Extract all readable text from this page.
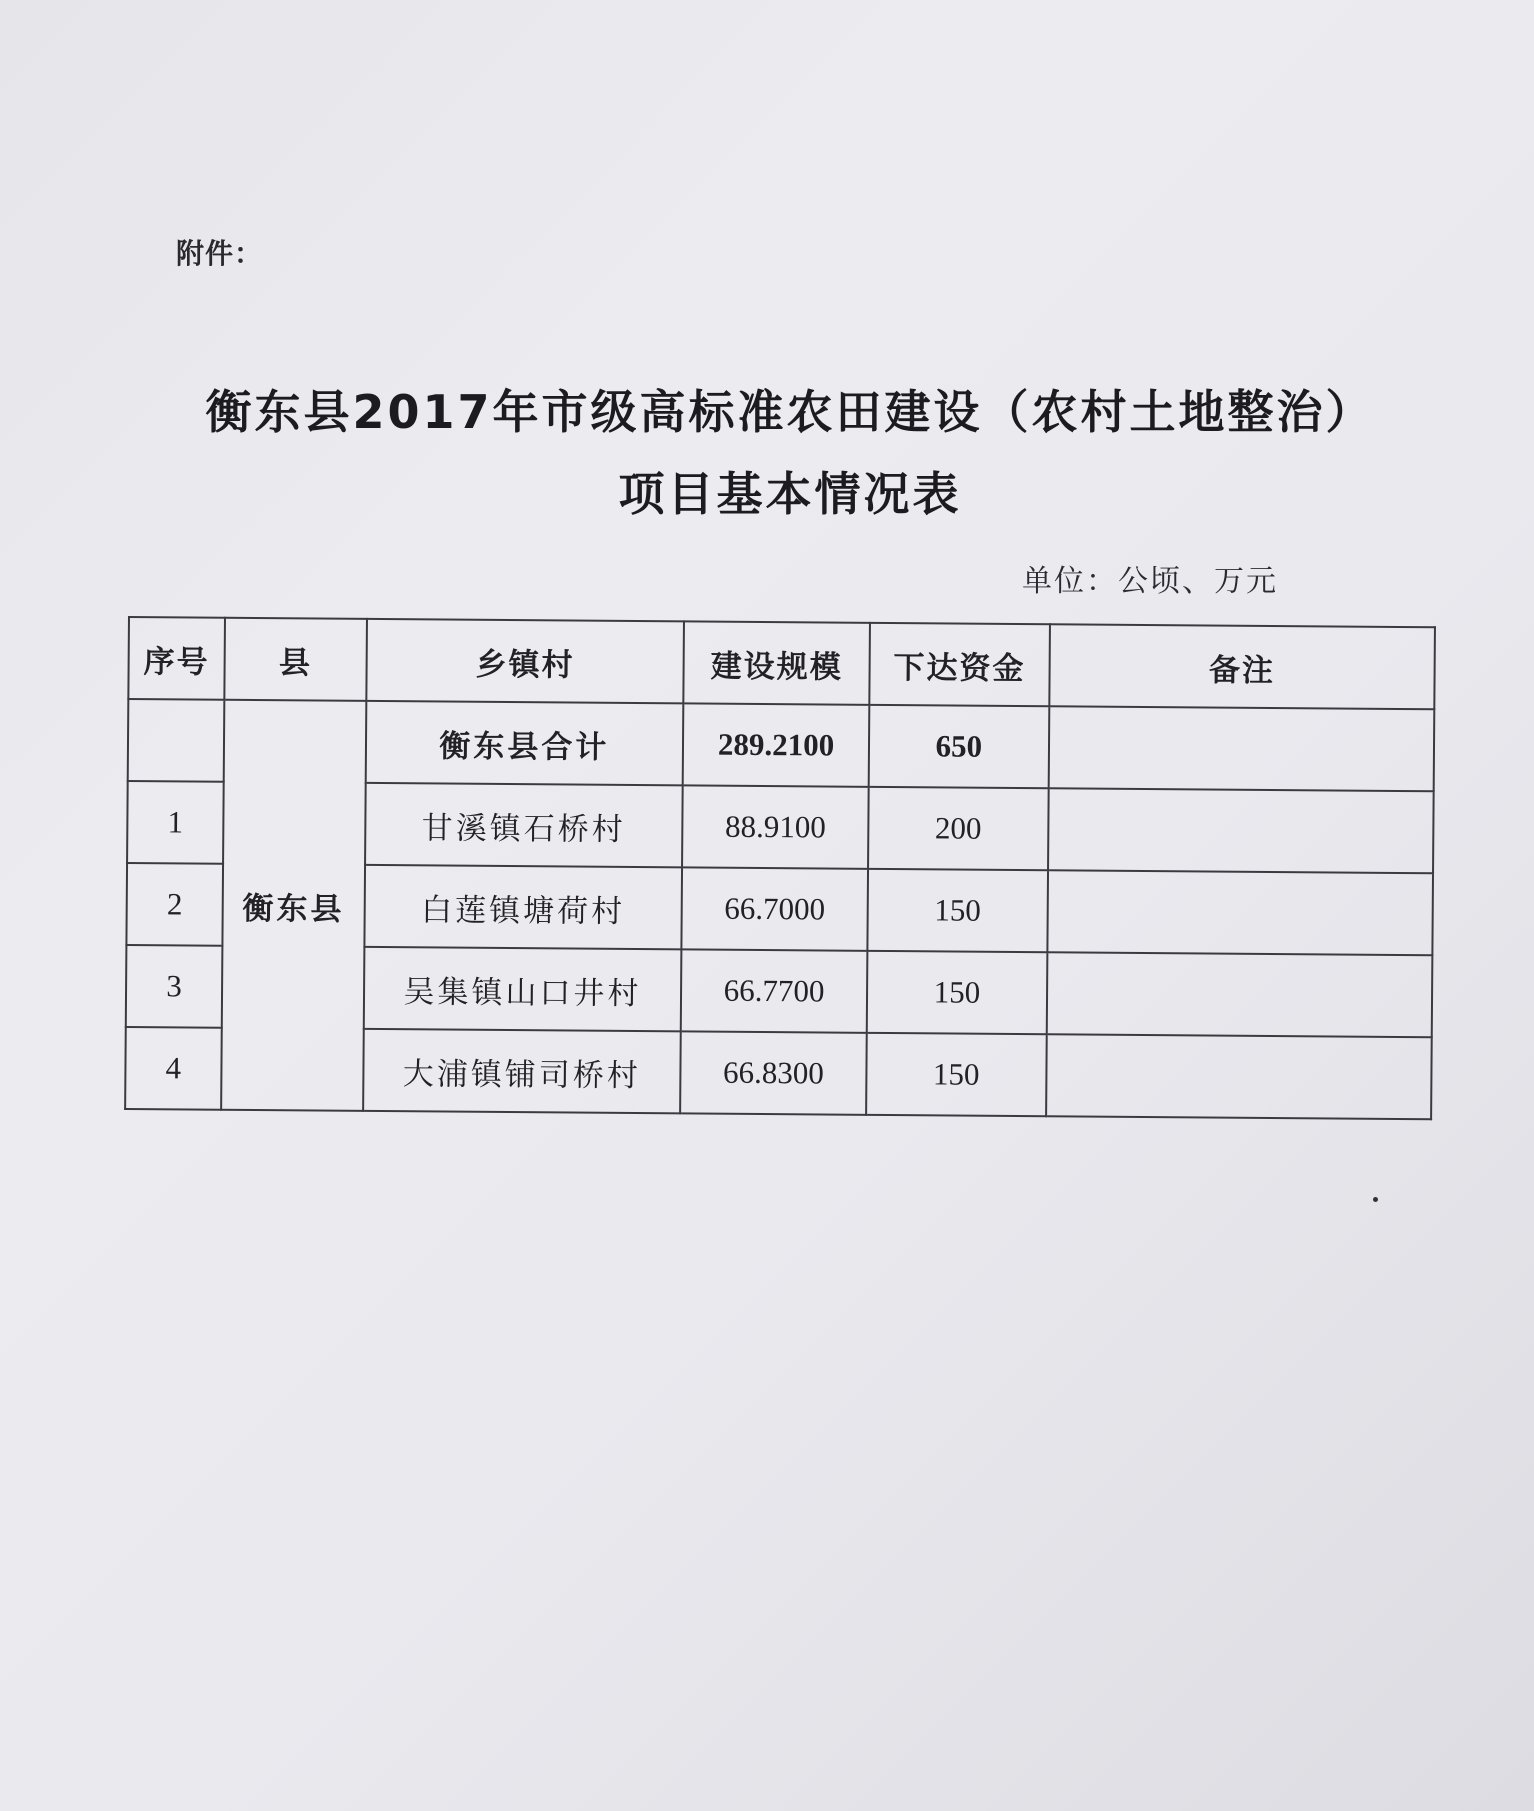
附件：
衡东县2017年市级高标准农田建设（农村土地整治）
项目基本情况表
单位：公顷、万元
序号	县	乡镇村	建设规模	下达资金	备注
	衡东县	衡东县合计	289.2100	650	
1		甘溪镇石桥村	88.9100	200	
2		白莲镇塘荷村	66.7000	150	
3		吴集镇山口井村	66.7700	150	
4		大浦镇铺司桥村	66.8300	150	
